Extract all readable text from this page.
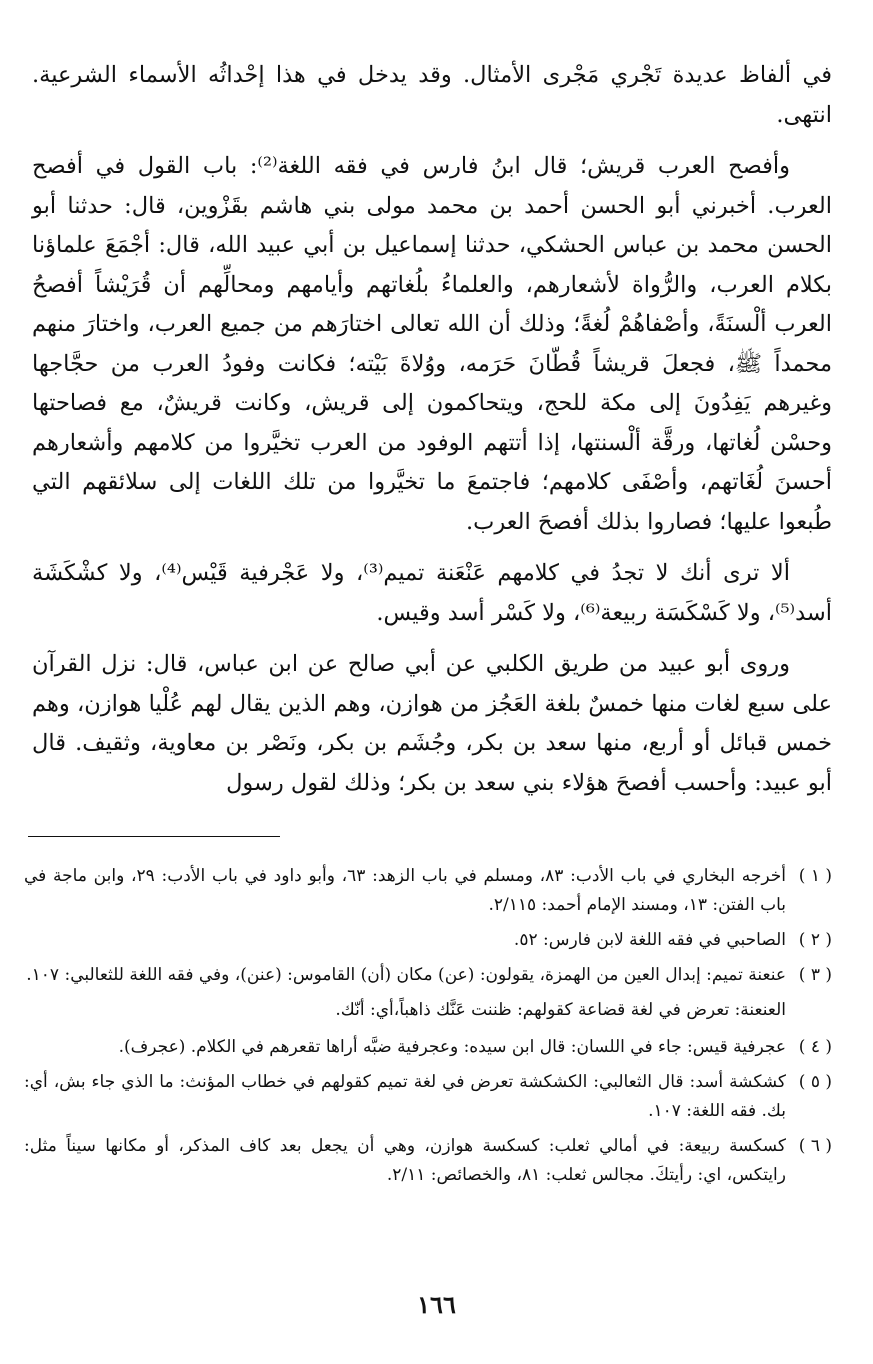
في ألفاظ عديدة تَجْري مَجْرى الأمثال. وقد يدخل في هذا إحْداثُه الأسماء الشرعية. انتهى.

وأفصح العرب قريش؛ قال ابنُ فارس في فقه اللغة⁽²⁾: باب القول في أفصح العرب. أخبرني أبو الحسن أحمد بن محمد مولى بني هاشم بقَزْوين، قال: حدثنا أبو الحسن محمد بن عباس الحشكي، حدثنا إسماعيل بن أبي عبيد الله، قال: أجْمَعَ علماؤنا بكلام العرب، والرُّواة لأشعارهم، والعلماءُ بلُغاتهم وأيامهم ومحالِّهم أن قُرَيْشاً أفصحُ العرب ألْسنَةً، وأصْفاهُمْ لُغةً؛ وذلك أن الله تعالى اختارَهم من جميع العرب، واختارَ منهم محمداً ﷺ، فجعلَ قريشاً قُطّانَ حَرَمه، ووُلاةَ بَيْته؛ فكانت وفودُ العرب من حجَّاجها وغيرهم يَفِدُونَ إلى مكة للحج، ويتحاكمون إلى قريش، وكانت قريشٌ، مع فصاحتها وحسْن لُغاتها، ورقَّة ألْسنتها، إذا أتتهم الوفود من العرب تخيَّروا من كلامهم وأشعارهم أحسنَ لُغَاتهم، وأصْفَى كلامهم؛ فاجتمعَ ما تخيَّروا من تلك اللغات إلى سلائقهم التي طُبعوا عليها؛ فصاروا بذلك أفصحَ العرب.

ألا ترى أنك لا تجدُ في كلامهم عَنْعَنة تميم⁽³⁾، ولا عَجْرفية قَيْس⁽⁴⁾، ولا كشْكَشَة أسد⁽⁵⁾، ولا كَسْكَسَة ربيعة⁽⁶⁾، ولا كَسْر أسد وقيس.

وروى أبو عبيد من طريق الكلبي عن أبي صالح عن ابن عباس، قال: نزل القرآن على سبع لغات منها خمسٌ بلغة العَجُز من هوازن، وهم الذين يقال لهم عُلْيا هوازن، وهم خمس قبائل أو أربع، منها سعد بن بكر، وجُشَم بن بكر، ونَصْر بن معاوية، وثقيف. قال أبو عبيد: وأحسب أفصحَ هؤلاء بني سعد بن بكر؛ وذلك لقول رسول

( ١ )
أخرجه البخاري في باب الأدب: ٨٣، ومسلم في باب الزهد: ٦٣، وأبو داود في باب الأدب: ٢٩، وابن ماجة في باب الفتن: ١٣، ومسند الإمام أحمد: ٢/١١٥.
( ٢ )
الصاحبي في فقه اللغة لابن فارس: ٥٢.
( ٣ )
عنعنة تميم: إبدال العين من الهمزة، يقولون: (عن) مكان (أن) القاموس: (عنن)، وفي فقه اللغة للثعالبي: ١٠٧.
العنعنة: تعرض في لغة قضاعة كقولهم: ظننت عَنَّك ذاهباً،أي: أنّك.
( ٤ )
عجرفية قيس: جاء في اللسان: قال ابن سيده: وعجرفية ضبَّه أراها تقعرهم في الكلام. (عجرف).
( ٥ )
كشكشة أسد: قال الثعالبي: الكشكشة تعرض في لغة تميم كقولهم في خطاب المؤنث: ما الذي جاء بش، أي: بك. فقه اللغة: ١٠٧.
( ٦ )
كسكسة ربيعة: في أمالي ثعلب: كسكسة هوازن، وهي أن يجعل بعد كاف المذكر، أو مكانها سيناً مثل: رايتكس، اي: رأيتكَ. مجالس ثعلب: ٨١، والخصائص: ٢/١١.
١٦٦
